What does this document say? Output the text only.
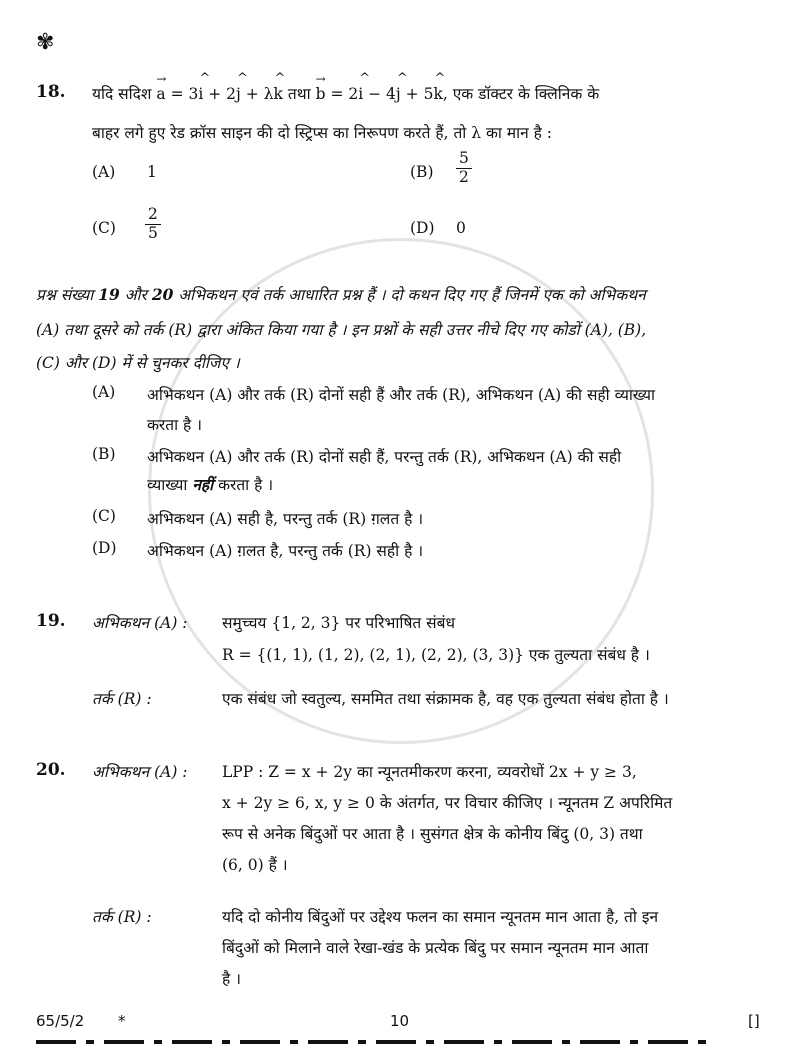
✾
18. यदि सदिश
→
a = 3
^
i + 2
^
j + λ
^
k तथा
→
b = 2
^
i − 4
^
j + 5
^
k, एक डॉक्टर के क्लिनिक के
बाहर लगे हुए रेड क्रॉस साइन की दो स्ट्रिप्स का निरूपण करते हैं, तो λ का मान है :
(A) 1	$(B) \frac{5}{2}$
$(C) \frac{2}{5}$	(D) 0
प्रश्न संख्या 19 और 20 अभिकथन एवं तर्क आधारित प्रश्न हैं । दो कथन दिए गए हैं जिनमें एक को अभिकथन
(A) तथा दूसरे को तर्क (R) द्वारा अंकित किया गया है । इन प्रश्नों के सही उत्तर नीचे दिए गए कोडों (A), (B),
(C) और (D) में से चुनकर दीजिए ।
(A) अभिकथन (A) और तर्क (R) दोनों सही हैं और तर्क (R), अभिकथन (A) की सही व्याख्या
करता है ।
(B) अभिकथन (A) और तर्क (R) दोनों सही हैं, परन्तु तर्क (R), अभिकथन (A) की सही
व्याख्या नहीं करता है ।
(C) अभिकथन (A) सही है, परन्तु तर्क (R) ग़लत है ।
(D) अभिकथन (A) ग़लत है, परन्तु तर्क (R) सही है ।
19. अभिकथन (A) : समुच्चय {1, 2, 3} पर परिभाषित संबंध
R = {(1, 1), (1, 2), (2, 1), (2, 2), (3, 3)} एक तुल्यता संबंध है ।
तर्क (R) :	एक संबंध जो स्वतुल्य, सममित तथा संक्रामक है, वह एक तुल्यता संबंध होता है ।
20. अभिकथन (A) : LPP : Z = x + 2y का न्यूनतमीकरण करना, व्यवरोधों 2x + y ≥ 3,
x + 2y ≥ 6, x, y ≥ 0 के अंतर्गत, पर विचार कीजिए । न्यूनतम Z अपरिमित
रूप से अनेक बिंदुओं पर आता है । सुसंगत क्षेत्र के कोनीय बिंदु (0, 3) तथा
(6, 0) हैं ।
तर्क (R) :	यदि दो कोनीय बिंदुओं पर उद्देश्य फलन का समान न्यूनतम मान आता है, तो इन
बिंदुओं को मिलाने वाले रेखा-खंड के प्रत्येक बिंदु पर समान न्यूनतम मान आता
है ।
65/5/2 *	10	[]
